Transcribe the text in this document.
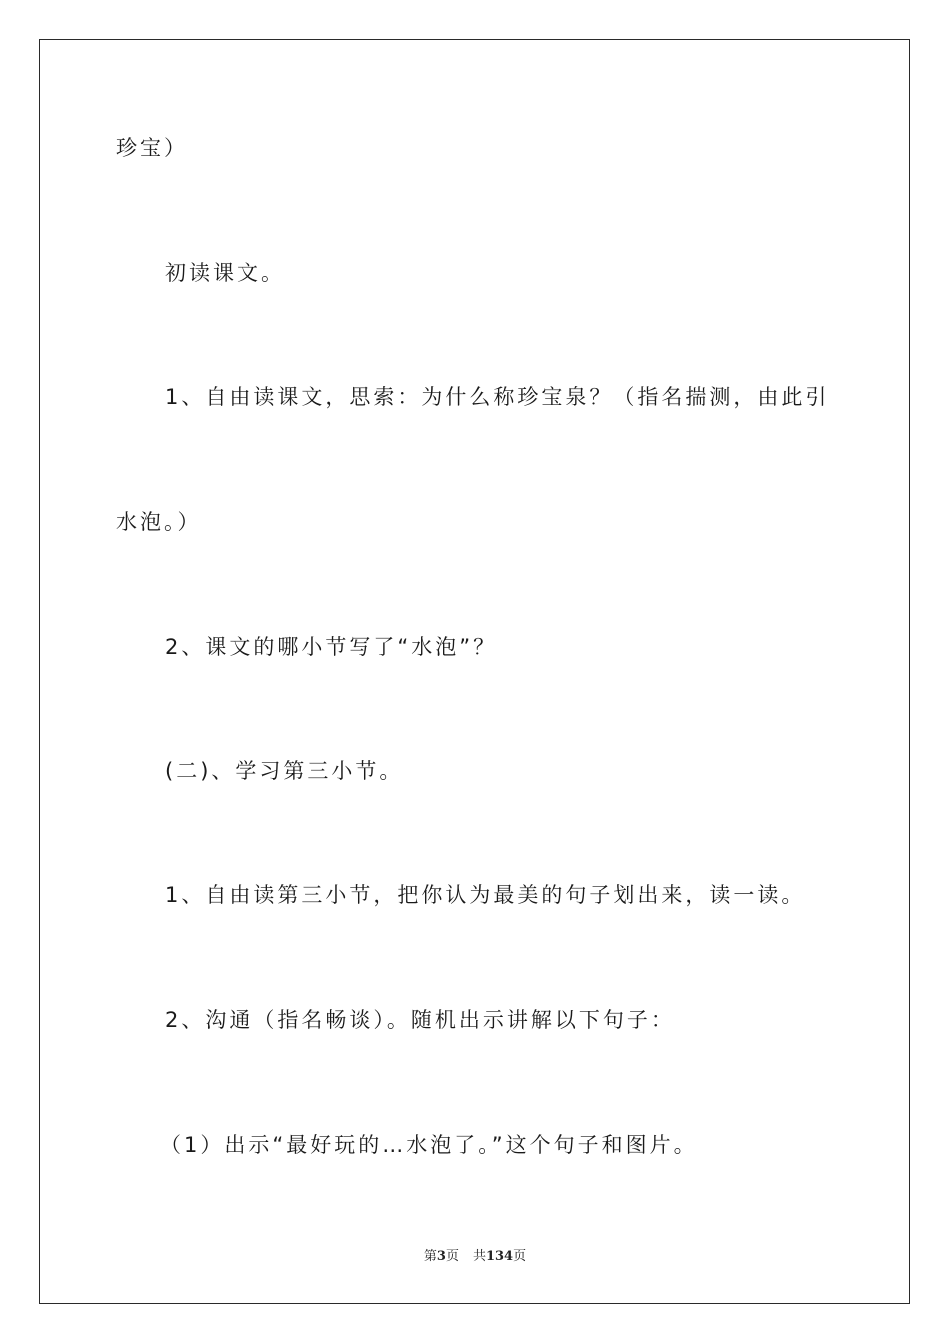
珍宝）
初读课文。
1、自由读课文，思索：为什么称珍宝泉？（指名揣测，由此引
水泡。）
2、课文的哪小节写了“水泡”？
(二)、学习第三小节。
1、自由读第三小节，把你认为最美的句子划出来，读一读。
2、沟通（指名畅谈）。随机出示讲解以下句子：
（1）出示“最好玩的…水泡了。”这个句子和图片。
第3页 共134页
